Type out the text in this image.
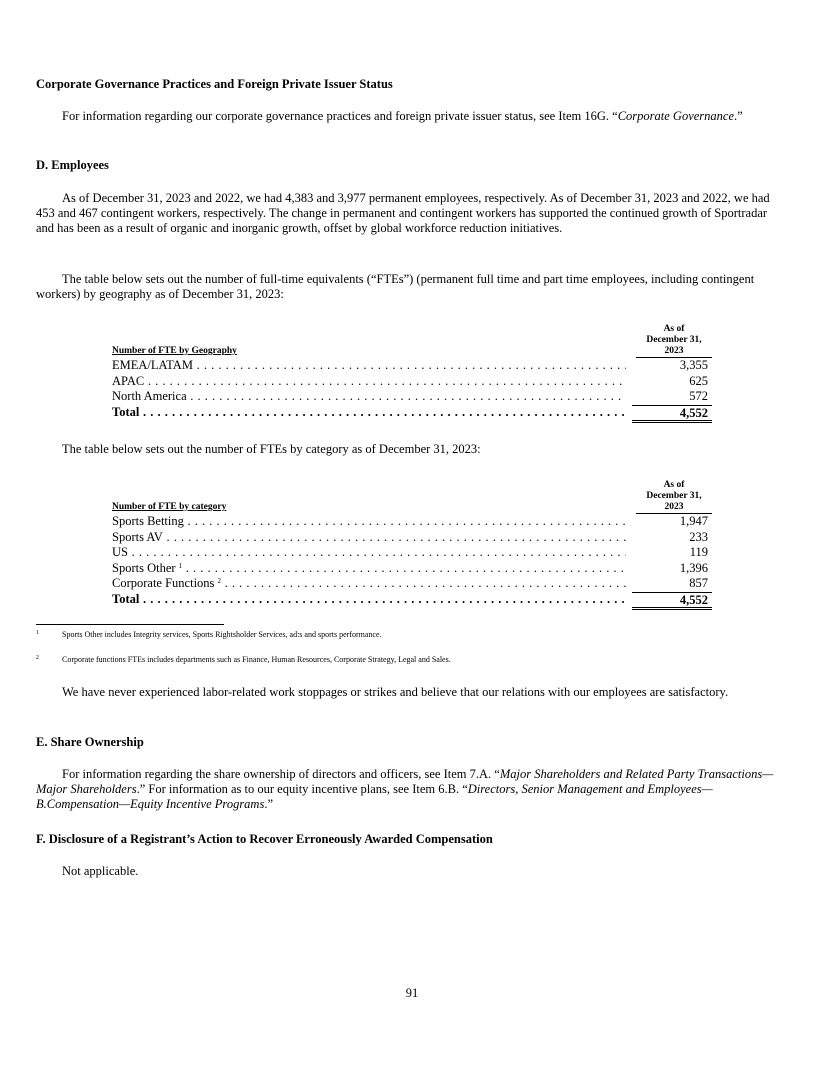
Corporate Governance Practices and Foreign Private Issuer Status
For information regarding our corporate governance practices and foreign private issuer status, see Item 16G. “Corporate Governance.”
D. Employees
As of December 31, 2023 and 2022, we had 4,383 and 3,977 permanent employees, respectively. As of December 31, 2023 and 2022, we had 453 and 467 contingent workers, respectively. The change in permanent and contingent workers has supported the continued growth of Sportradar and has been as a result of organic and inorganic growth, offset by global workforce reduction initiatives.
The table below sets out the number of full-time equivalents (“FTEs”) (permanent full time and part time employees, including contingent workers) by geography as of December 31, 2023:
Number of FTE by Geography
As of
December 31,
2023
EMEA/LATAM . . .	3,355
APAC . . .	625
North America . . .	572
Total . . .	4,552
The table below sets out the number of FTEs by category as of December 31, 2023:
Number of FTE by category
As of
December 31,
2023
Sports Betting . . .	1,947
Sports AV . . .	233
US . . .	119
Sports Other $^1$ . . .	1,396
Corporate Functions $^2$ . . .	857
Total . . .	4,552
1	Sports Other includes Integrity services, Sports Rightsholder Services, ad:s and sports performance.
2	Corporate functions FTEs includes departments such as Finance, Human Resources, Corporate Strategy, Legal and Sales.
We have never experienced labor-related work stoppages or strikes and believe that our relations with our employees are satisfactory.
E. Share Ownership
For information regarding the share ownership of directors and officers, see Item 7.A. “Major Shareholders and Related Party Transactions—Major Shareholders.” For information as to our equity incentive plans, see Item 6.B. “Directors, Senior Management and Employees—B.Compensation—Equity Incentive Programs.”
F. Disclosure of a Registrant’s Action to Recover Erroneously Awarded Compensation
Not applicable.
91
